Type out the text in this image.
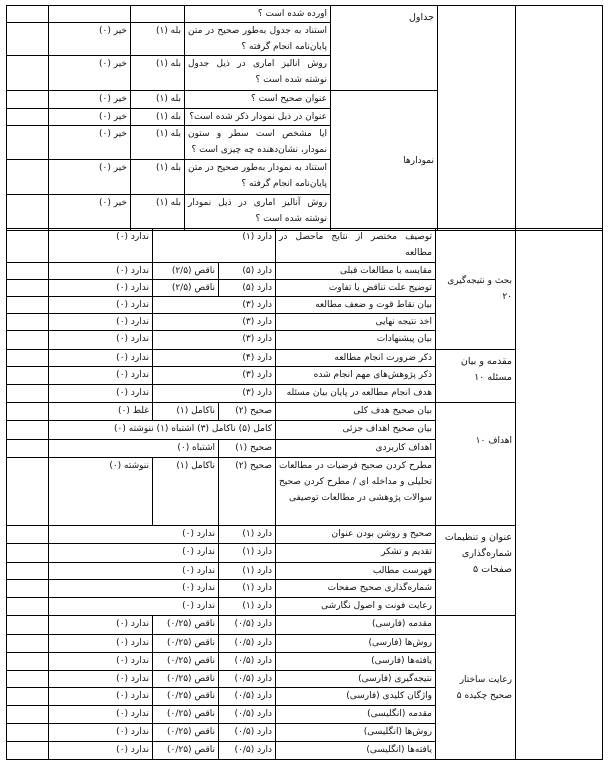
			اورده شده است ؟	جداول		
	خیر (۰)	بله (۱)	استناد به جدول به‌طور صحیح در متن پایان‌نامه انجام گرفته ؟			
	خیر (۰)	بله (۱)	روش انالیز اماری در ذیل جدول نوشته شده است ؟			
	خیر (۰)	بله (۱)	عنوان صحیح است ؟	نمودارها		
	خیر (۰)	بله (۱)	عنوان در ذیل نمودار ذکر شده است؟			
	خیر (۰)	بله (۱)	ایا مشخص است سطر و ستون نمودار، نشان‌دهنده چه چیزی است ؟			
	خیر (۰)	بله (۱)	استناد به نمودار به‌طور صحیح در متن پایان‌نامه انجام گرفته ؟			
	خیر (۰)	بله (۱)	روش آنالیز اماری در ذیل نمودار نوشته شده است ؟			
	ندارد (۰)	دارد (۱)		توصیف مختصر از نتایج ماحصل در مطالعه	بحث و نتیجه‌گیری ۲۰	
	ندارد (۰)	ناقص (۲/۵)	دارد (۵)	مقایسه با مطالعات قبلی		
	ندارد (۰)	ناقص (۲/۵)	دارد (۵)	توضیح علت تناقض یا تفاوت		
	ندارد (۰)	دارد (۳)		بیان نقاط قوت و ضعف مطالعه		
	ندارد (۰)	دارد (۳)		اخذ نتیجه نهایی		
	ندارد (۰)	دارد (۳)		بیان پیشنهادات		
	ندارد (۰)	دارد (۴)		ذکر ضرورت انجام مطالعه	مقدمه و بیان مسئله ۱۰	
	ندارد (۰)	دارد (۳)		ذکر پژوهش‌های مهم انجام شده		
	ندارد (۰)	دارد (۳)		هدف انجام مطالعه در پایان بیان مسئله		
	غلط (۰)	ناکامل (۱)	صحیح (۲)	بیان صحیح هدف کلی	اهداف ۱۰	
	کامل (۵) ناکامل (۳) اشتباه (۱) ننوشته (۰)			بیان صحیح اهداف جزئی		
	اشتباه (۰)		صحیح (۱)	اهداف کاربردی		
	ننوشته (۰)	ناکامل (۱)	صحیح (۲)	مطرح کردن صحیح فرضیات در مطالعات تحلیلی و مداخله ای / مطرح کردن صحیح سوالات پژوهشی در مطالعات توصیفی		
	ندارد (۰)		دارد (۱)	صحیح و روشن بودن عنوان	عنوان و تنظیمات شماره‌گذاری صفحات ۵	
	ندارد (۰)		دارد (۱)	تقدیم و تشکر		
	ندارد (۰)		دارد (۱)	فهرست مطالب		
	ندارد (۰)		دارد (۱)	شماره‌گذاری صحیح صفحات		
	ندارد (۰)		دارد (۱)	رعایت فونت و اصول نگارشی		
	ندارد (۰)	ناقص (۰/۲۵)	دارد (۰/۵)	مقدمه (فارسی)	رعایت ساختار صحیح چکیده ۵	
	ندارد (۰)	ناقص (۰/۲۵)	دارد (۰/۵)	روش‌ها (فارسی)		
	ندارد (۰)	ناقص (۰/۲۵)	دارد (۰/۵)	یافته‌ها (فارسی)		
	ندارد (۰)	ناقص (۰/۲۵)	دارد (۰/۵)	نتیجه‌گیری (فارسی)		
	ندارد (۰)	ناقص (۰/۲۵)	دارد (۰/۵)	واژگان کلیدی (فارسی)		
	ندارد (۰)	ناقص (۰/۲۵)	دارد (۰/۵)	مقدمه (انگلیسی)		
	ندارد (۰)	ناقص (۰/۲۵)	دارد (۰/۵)	روش‌ها (انگلیسی)		
	ندارد (۰)	ناقص (۰/۲۵)	دارد (۰/۵)	یافته‌ها (انگلیسی)		
